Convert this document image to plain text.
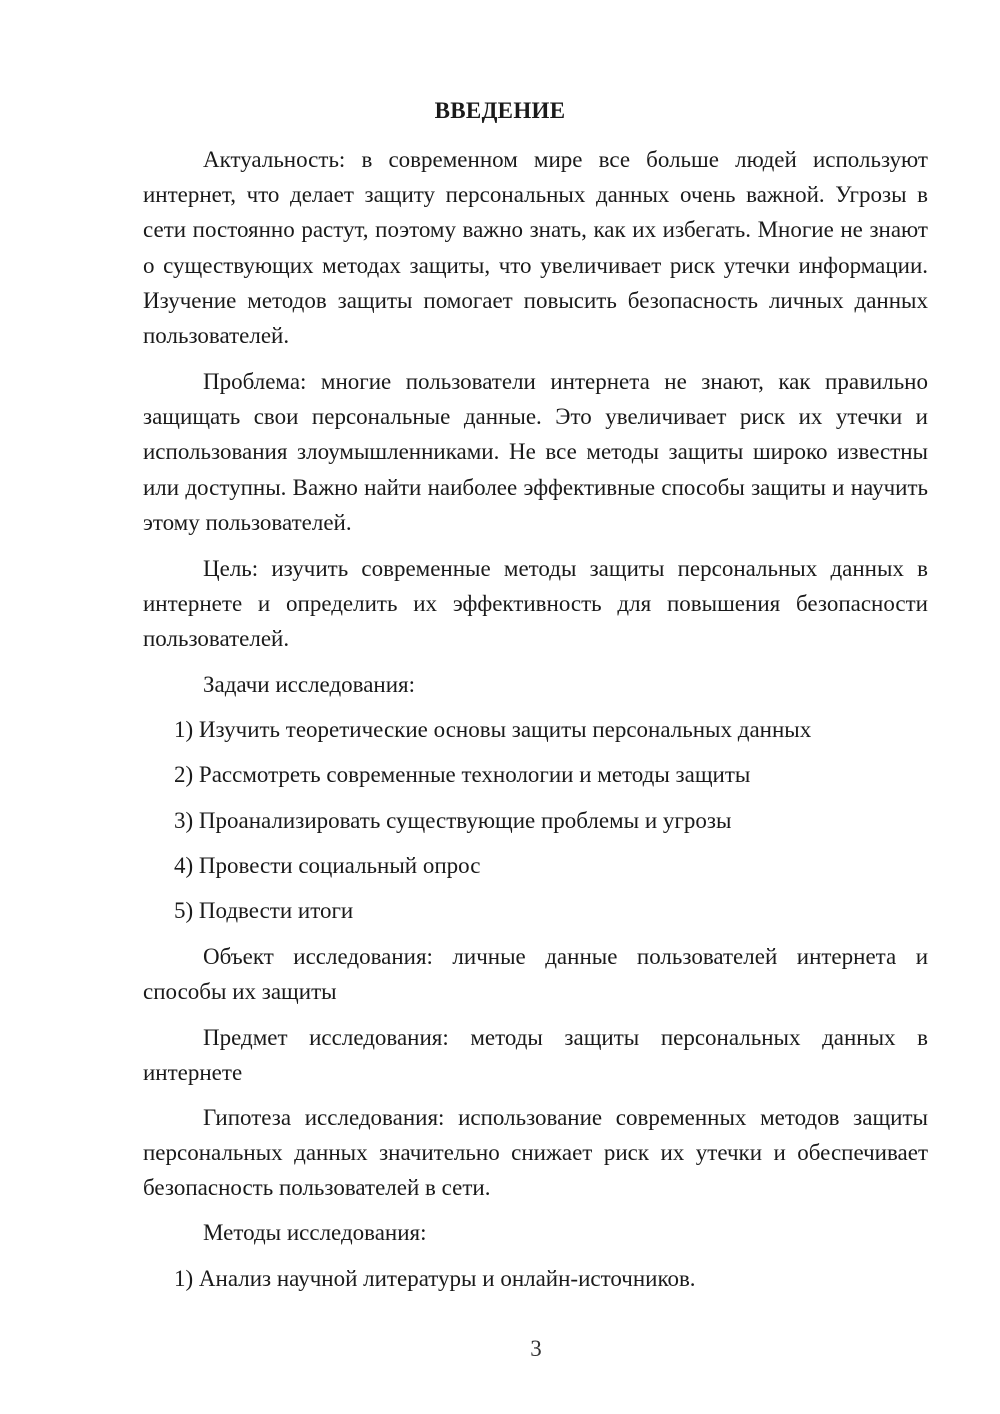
ВВЕДЕНИЕ

Актуальность: в современном мире все больше людей используют интернет, что делает защиту персональных данных очень важной. Угрозы в сети постоянно растут, поэтому важно знать, как их избегать. Многие не знают о существующих методах защиты, что увеличивает риск утечки информации. Изучение методов защиты помогает повысить безопасность личных данных пользователей.

Проблема: многие пользователи интернета не знают, как правильно защищать свои персональные данные. Это увеличивает риск их утечки и использования злоумышленниками. Не все методы защиты широко известны или доступны. Важно найти наиболее эффективные способы защиты и научить этому пользователей.

Цель: изучить современные методы защиты персональных данных в интернете и определить их эффективность для повышения безопасности пользователей.

Задачи исследования:

1) Изучить теоретические основы защиты персональных данных

2) Рассмотреть современные технологии и методы защиты

3) Проанализировать существующие проблемы и угрозы

4) Провести социальный опрос

5) Подвести итоги

Объект исследования: личные данные пользователей интернета и способы их защиты

Предмет исследования: методы защиты персональных данных в интернете

Гипотеза исследования: использование современных методов защиты персональных данных значительно снижает риск их утечки и обеспечивает безопасность пользователей в сети.

Методы исследования:

1) Анализ научной литературы и онлайн-источников.

3
